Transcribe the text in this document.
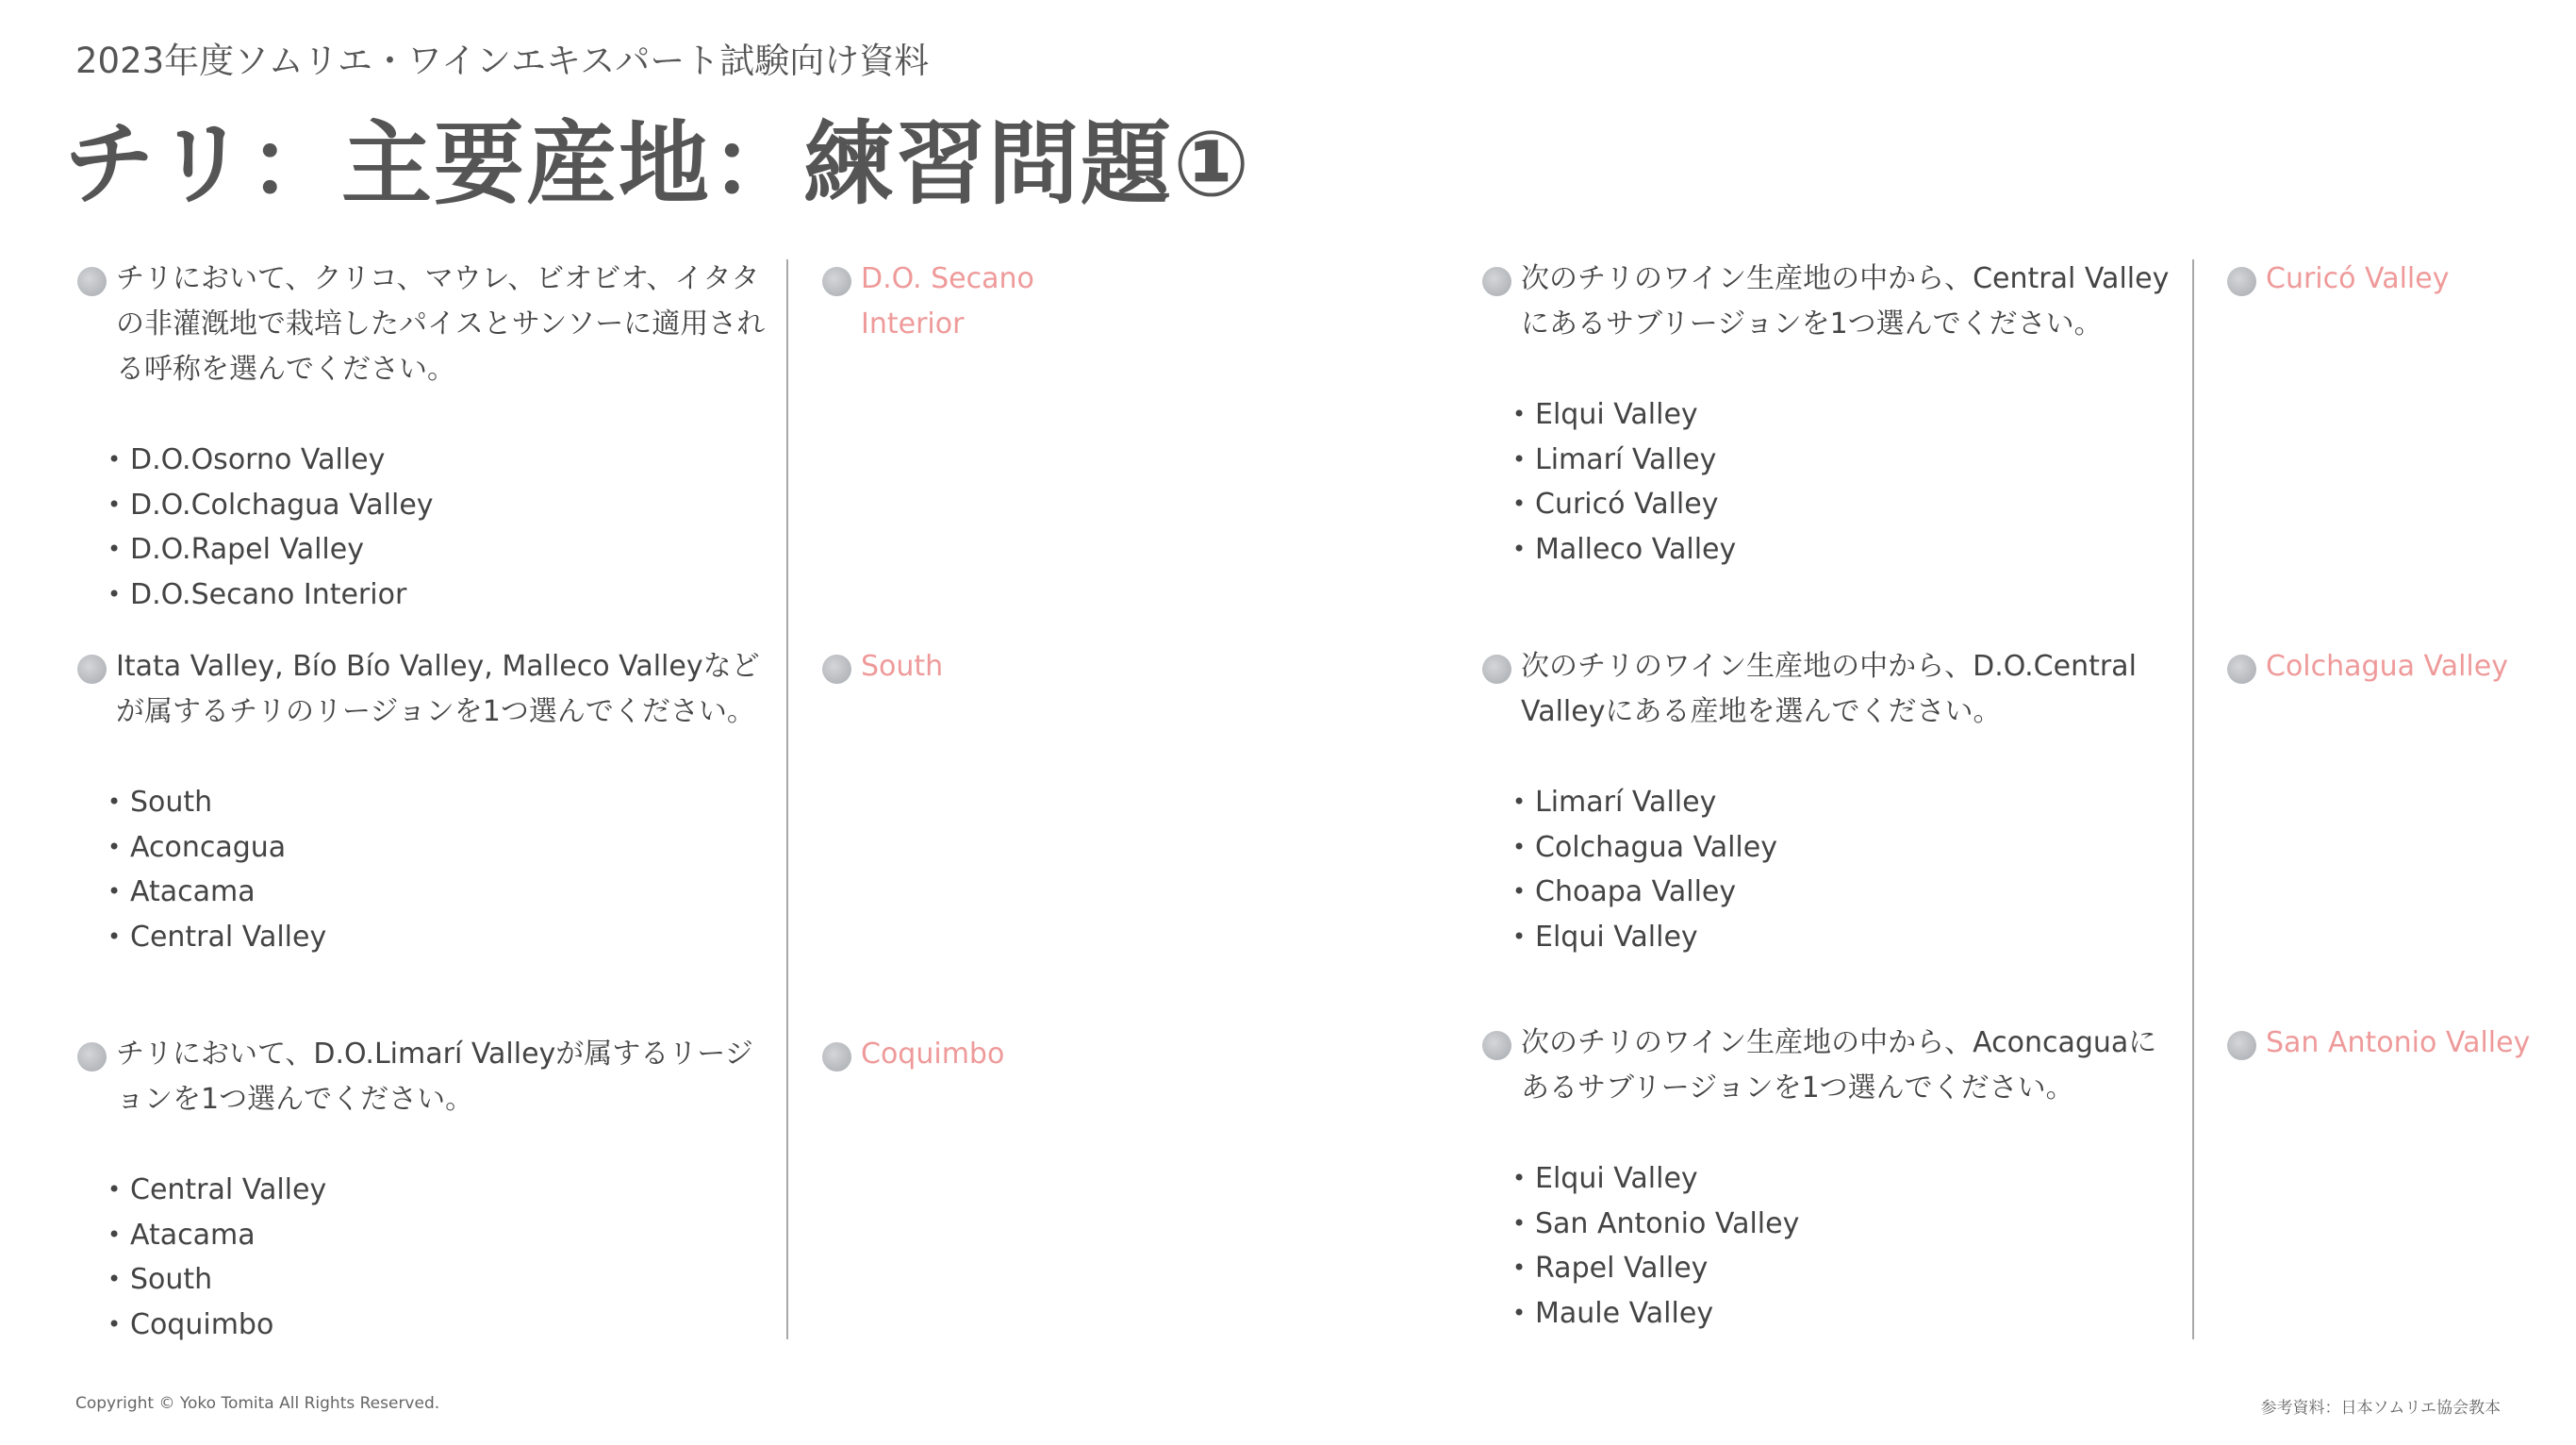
2023年度ソムリエ・ワインエキスパート試験向け資料
チリ：主要産地：練習問題①
チリにおいて、クリコ、マウレ、ビオビオ、イタタの非灌漑地で栽培したパイスとサンソーに適用される呼称を選んでください。
• D.O.Osorno Valley
• D.O.Colchagua Valley
• D.O.Rapel Valley
• D.O.Secano Interior
D.O. Secano Interior
Itata Valley, Bío Bío Valley, Malleco Valleyなどが属するチリのリージョンを1つ選んでください。
• South
• Aconcagua
• Atacama
• Central Valley
South
チリにおいて、D.O.Limarí Valleyが属するリージョンを1つ選んでください。
• Central Valley
• Atacama
• South
• Coquimbo
Coquimbo
次のチリのワイン生産地の中から、Central Valleyにあるサブリージョンを1つ選んでください。
• Elqui Valley
• Limarí Valley
• Curicó Valley
• Malleco Valley
Curicó Valley
次のチリのワイン生産地の中から、D.O.Central Valleyにある産地を選んでください。
• Limarí Valley
• Colchagua Valley
• Choapa Valley
• Elqui Valley
Colchagua Valley
次のチリのワイン生産地の中から、Aconcaguaにあるサブリージョンを1つ選んでください。
• Elqui Valley
• San Antonio Valley
• Rapel Valley
• Maule Valley
San Antonio Valley
Copyright © Yoko Tomita All Rights Reserved.	参考資料：日本ソムリエ協会教本
